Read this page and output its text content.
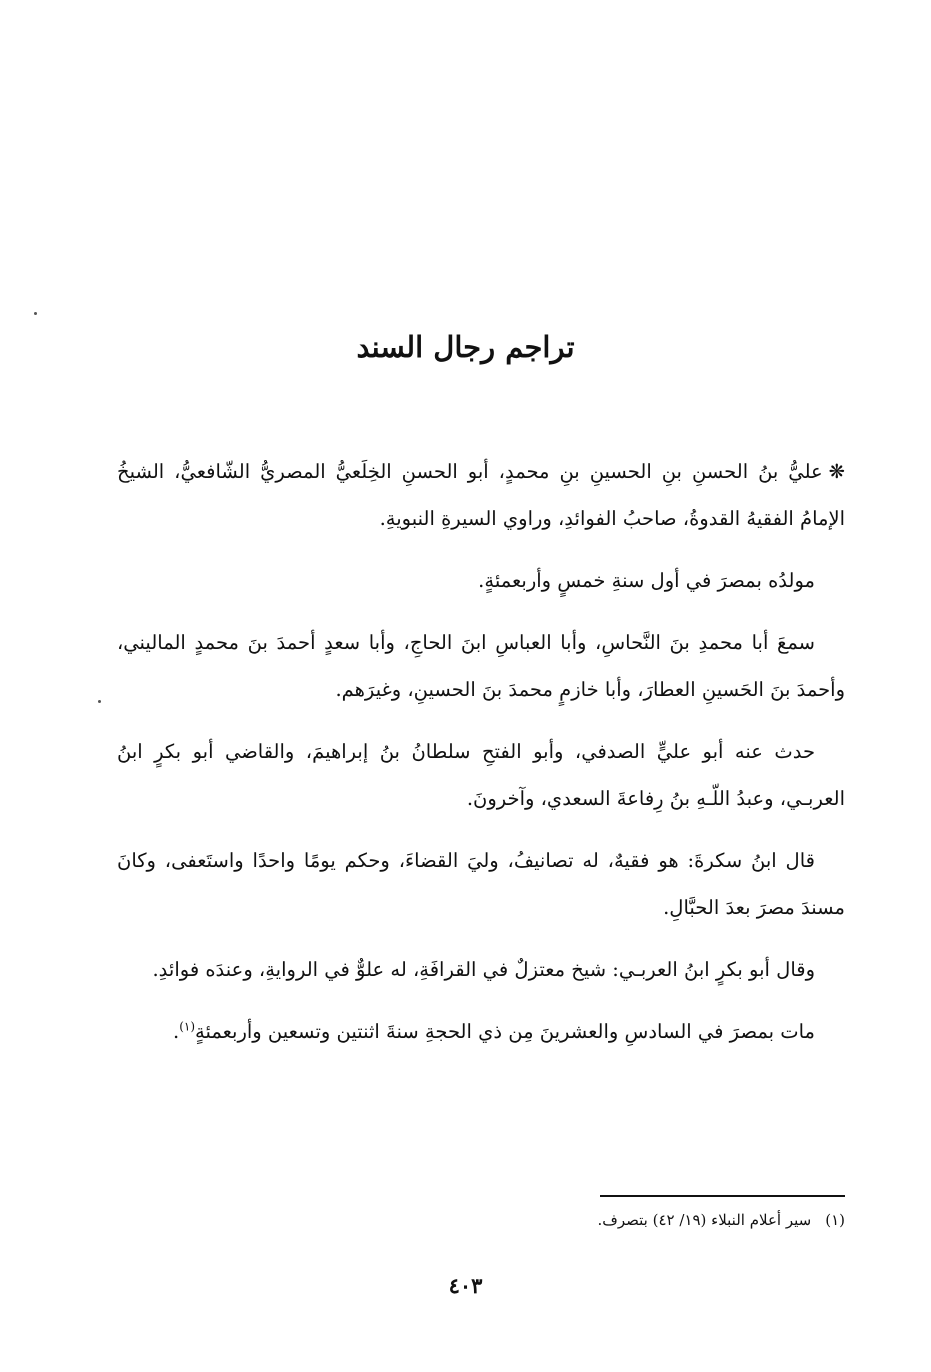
تراجم رجال السند

❋عليُّ بنُ الحسنِ بنِ الحسينِ بنِ محمدٍ، أبو الحسنِ الخِلَعيُّ المصريُّ الشّافعيُّ، الشيخُ الإمامُ الفقيهُ القدوةُ، صاحبُ الفوائدِ، وراوي السيرةِ النبويةِ.

مولدُه بمصرَ في أول سنةِ خمسٍ وأربعمئةٍ.

سمعَ أبا محمدِ بنَ النَّحاسِ، وأبا العباسِ ابنَ الحاجِ، وأبا سعدٍ أحمدَ بنَ محمدٍ الماليني، وأحمدَ بنَ الحَسينِ العطارَ، وأبا خازمٍ محمدَ بنَ الحسينِ، وغيرَهم.

حدث عنه أبو عليٍّ الصدفي، وأبو الفتحِ سلطانُ بنُ إبراهيمَ، والقاضي أبو بكرٍ ابنُ العربـي، وعبدُ اللّـهِ بنُ رِفاعةَ السعدي، وآخرونَ.

قال ابنُ سكرةَ: هو فقيهٌ، له تصانيفُ، وليَ القضاءَ، وحكم يومًا واحدًا واستَعفى، وكانَ مسندَ مصرَ بعدَ الحبَّالِ.

وقال أبو بكرٍ ابنُ العربـي: شيخ معتزلٌ في القرافَةِ، له علوٌّ في الروايةِ، وعندَه فوائدِ.

مات بمصرَ في السادسِ والعشرينَ مِن ذي الحجةِ سنةَ اثنتين وتسعين وأربعمئةٍ$^{(١)}$.

(١)سير أعلام النبلاء (١٩/ ٤٢) بتصرف.
٤٠٣
